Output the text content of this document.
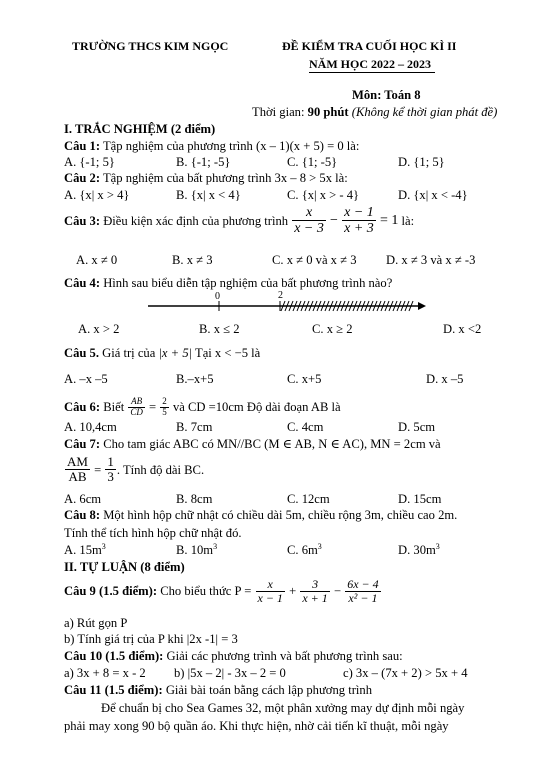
TRƯỜNG THCS KIM NGỌC	ĐỀ KIỂM TRA CUỐI HỌC KÌ II
NĂM HỌC 2022 – 2023
Môn: Toán 8
Thời gian: 90 phút (Không kể thời gian phát đề)
I. TRẮC NGHIỆM (2 điểm)
Câu 1: Tập nghiệm của phương trình (x – 1)(x + 5) = 0 là:
A. {-1; 5}	B. {-1; -5}	C. {1; -5}	D. {1; 5}
Câu 2: Tập nghiệm của bất phương trình 3x – 8 > 5x là:
A. {x| x > 4}	B. {x| x < 4}	C. {x| x > - 4}	D. {x| x < -4}
Câu 3: Điều kiện xác định của phương trình $\frac{x}{x - 3} - \frac{x - 1}{x + 3} = 1$ là:
A. x ≠ 0	B. x ≠ 3	C. x ≠ 0 và x ≠ 3 D. x ≠ 3 và x ≠ -3
Câu 4: Hình sau biểu diễn tập nghiệm của bất phương trình nào?
0	2
A. x > 2	B. x ≤ 2	C. x ≥ 2	D. x <2
Câu 5. Giá trị của |x + 5| Tại x < −5 là
A. –x –5	B.–x+5	C. x+5	D. x –5
Câu 6: Biết $\frac{AB}{CD} = \frac{2}{5}$ và CD =10cm Độ dài đoạn AB là
A. 10,4cm	B. 7cm	C. 4cm	D. 5cm
Câu 7: Cho tam giác ABC có MN//BC (M ∈ AB, N ∈ AC), MN = 2cm và
$\frac{AM}{AB} = \frac{1}{3}$ . Tính độ dài BC.
A. 6cm	B. 8cm	C. 12cm	D. 15cm
Câu 8: Một hình hộp chữ nhật có chiều dài 5m, chiều rộng 3m, chiều cao 2m.
Tính thể tích hình hộp chữ nhật đó.
A. $15m^3$	B. $10m^3$	C. $6m^3$	D. $30m^3$
II. TỰ LUẬN (8 điểm)
Câu 9 (1.5 điểm): Cho biểu thức $P = \frac{x}{x - 1} + \frac{3}{x + 1} - \frac{6x - 4}{\text{x² − 1}}$
a) Rút gọn P
b) Tính giá trị của P khi |2x -1| = 3
Câu 10 (1.5 điểm): Giải các phương trình và bất phương trình sau:
a) 3x + 8 = x - 2 b) |5x – 2| - 3x – 2 = 0	c) 3x – (7x + 2) > 5x + 4
Câu 11 (1.5 điểm): Giải bài toán bằng cách lập phương trình
Để chuẩn bị cho Sea Games 32, một phân xưởng may dự định mỗi ngày
phải may xong 90 bộ quần áo. Khi thực hiện, nhờ cải tiến kĩ thuật, mỗi ngày
